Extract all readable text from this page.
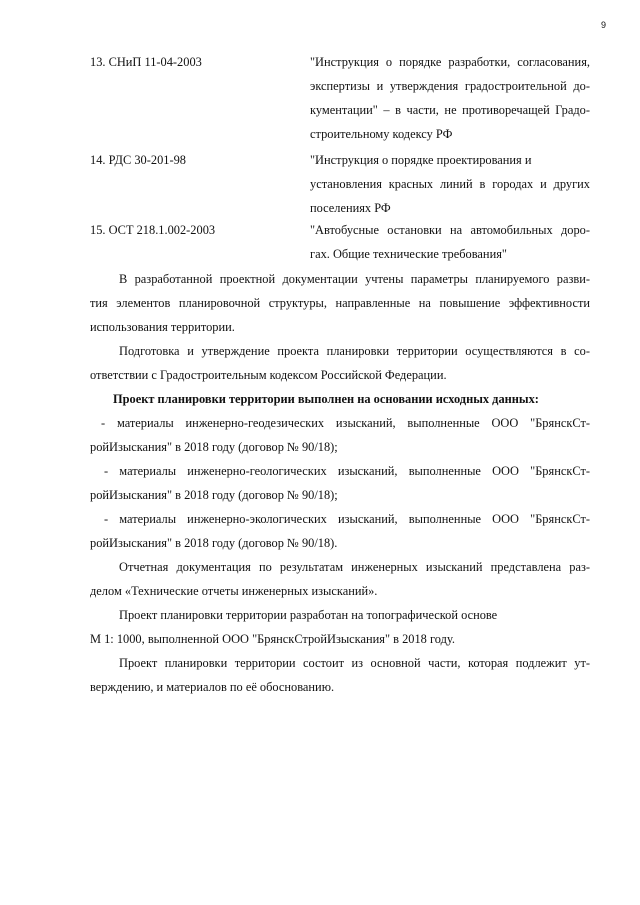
9
13. СНиП 11-04-2003	"Инструкция о порядке разработки, согласования,
экспертизы и утверждения градостроительной до-
кументации" – в части, не противоречащей Градо-
строительному кодексу РФ
14. РДС 30-201-98	"Инструкция о порядке проектирования и
установления красных линий в городах и других
поселениях РФ
15. ОСТ 218.1.002-2003	"Автобусные остановки на автомобильных доро-
гах. Общие технические требования"
В разработанной проектной документации учтены параметры планируемого разви-
тия элементов планировочной структуры, направленные на повышение эффективности
использования территории.
Подготовка и утверждение проекта планировки территории осуществляются в со-
ответствии с Градостроительным кодексом Российской Федерации.
Проект планировки территории выполнен на основании исходных данных:
- материалы инженерно-геодезических изысканий, выполненные ООО "БрянскСт-
ройИзыскания" в 2018 году (договор № 90/18);
- материалы инженерно-геологических изысканий, выполненные ООО "БрянскСт-
ройИзыскания" в 2018 году (договор № 90/18);
- материалы инженерно-экологических изысканий, выполненные ООО "БрянскСт-
ройИзыскания" в 2018 году (договор № 90/18).
Отчетная документация по результатам инженерных изысканий представлена раз-
делом «Технические отчеты инженерных изысканий».
Проект планировки территории разработан на топографической основе
М 1: 1000, выполненной ООО "БрянскСтройИзыскания" в 2018 году.
Проект планировки территории состоит из основной части, которая подлежит ут-
верждению, и материалов по её обоснованию.
